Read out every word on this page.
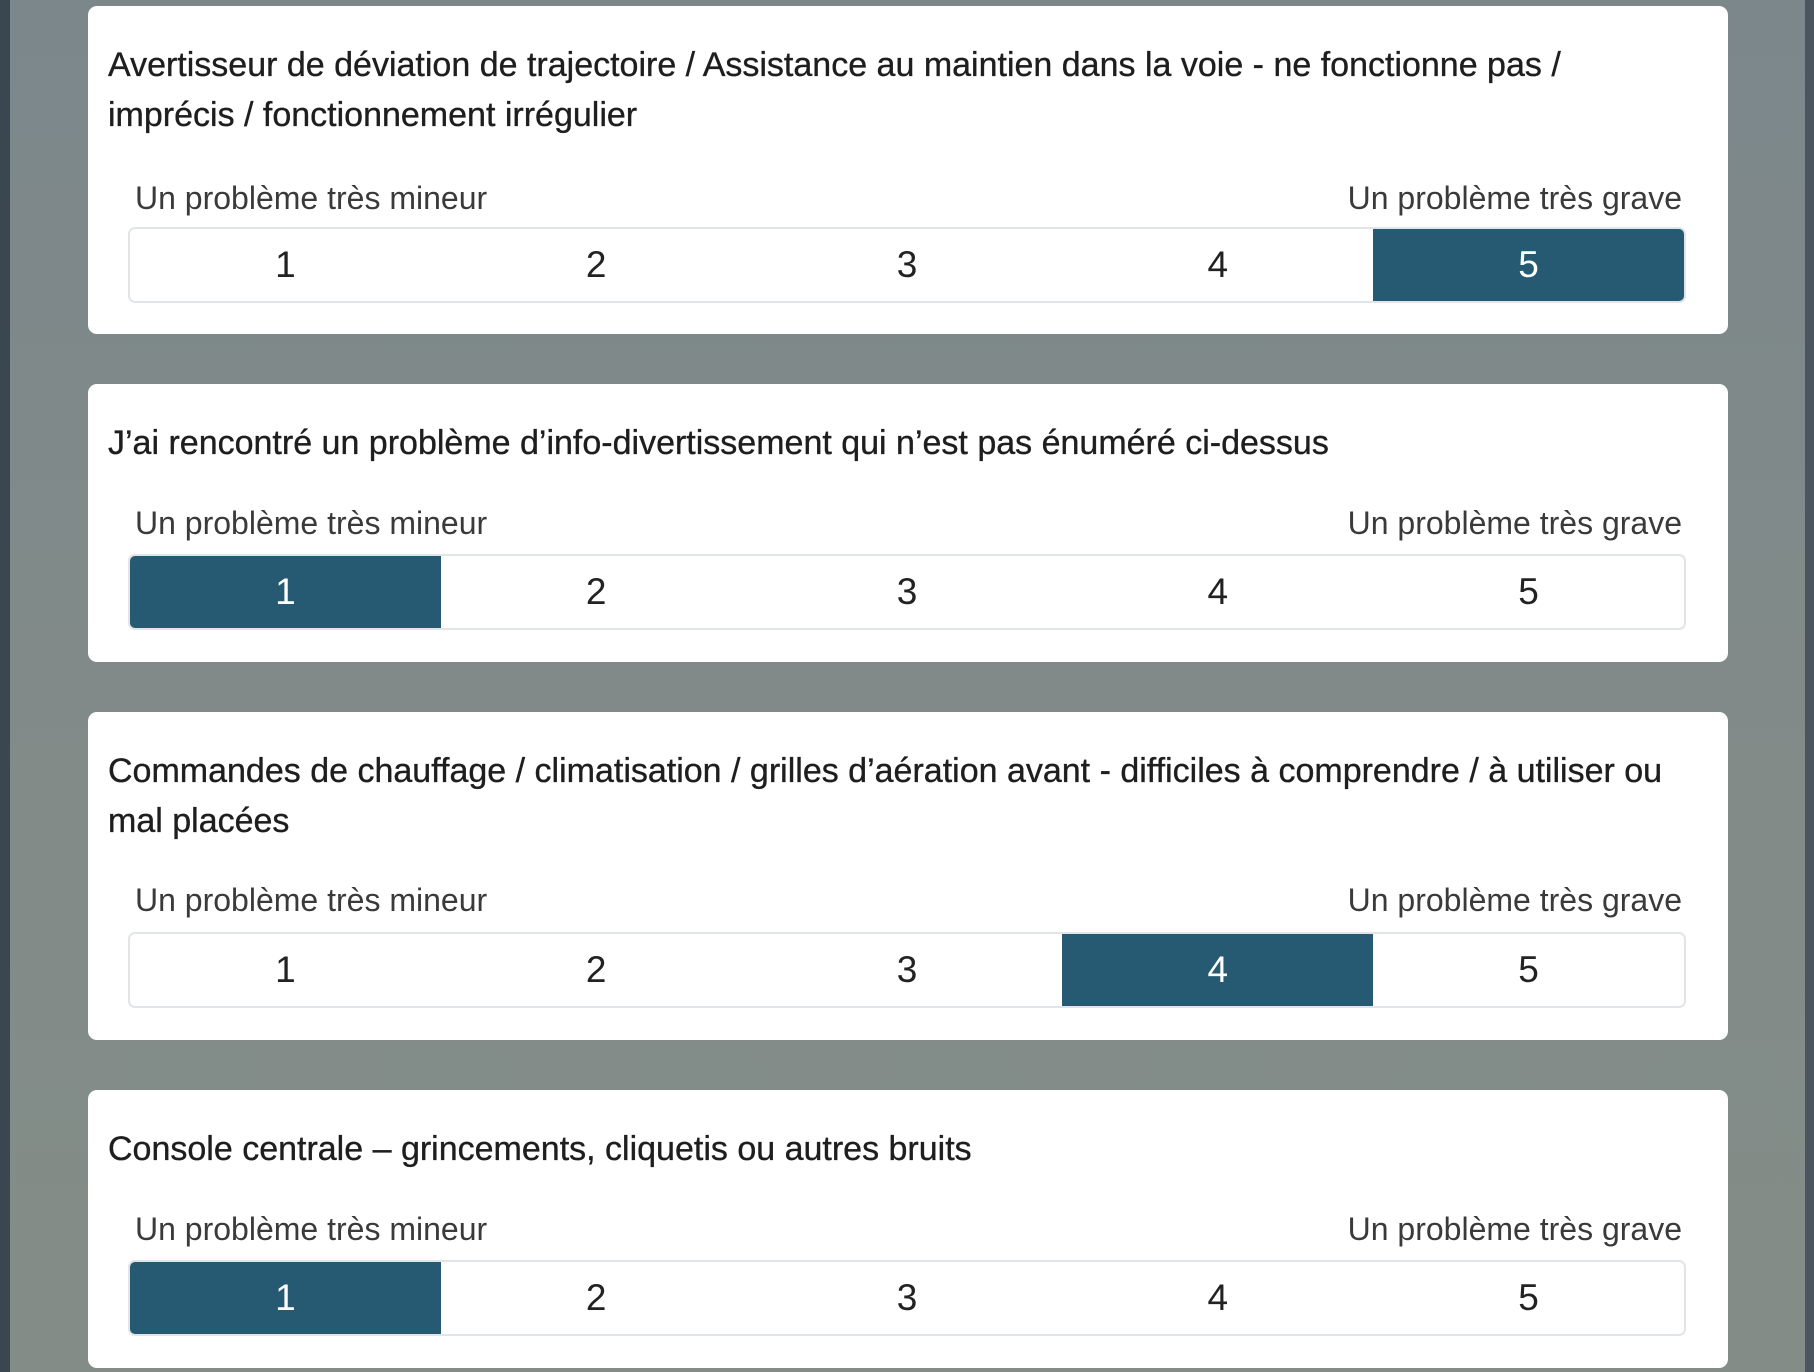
Avertisseur de déviation de trajectoire / Assistance au maintien dans la voie - ne fonctionne pas / imprécis / fonctionnement irrégulier

Un problème très mineur	Un problème très grave
1	2	3	4	5

J’ai rencontré un problème d’info-divertissement qui n’est pas énuméré ci-dessus

Un problème très mineur	Un problème très grave
1	2	3	4	5

Commandes de chauffage / climatisation / grilles d’aération avant - difficiles à comprendre / à utiliser ou mal placées

Un problème très mineur	Un problème très grave
1	2	3	4	5

Console centrale – grincements, cliquetis ou autres bruits

Un problème très mineur	Un problème très grave
1	2	3	4	5
